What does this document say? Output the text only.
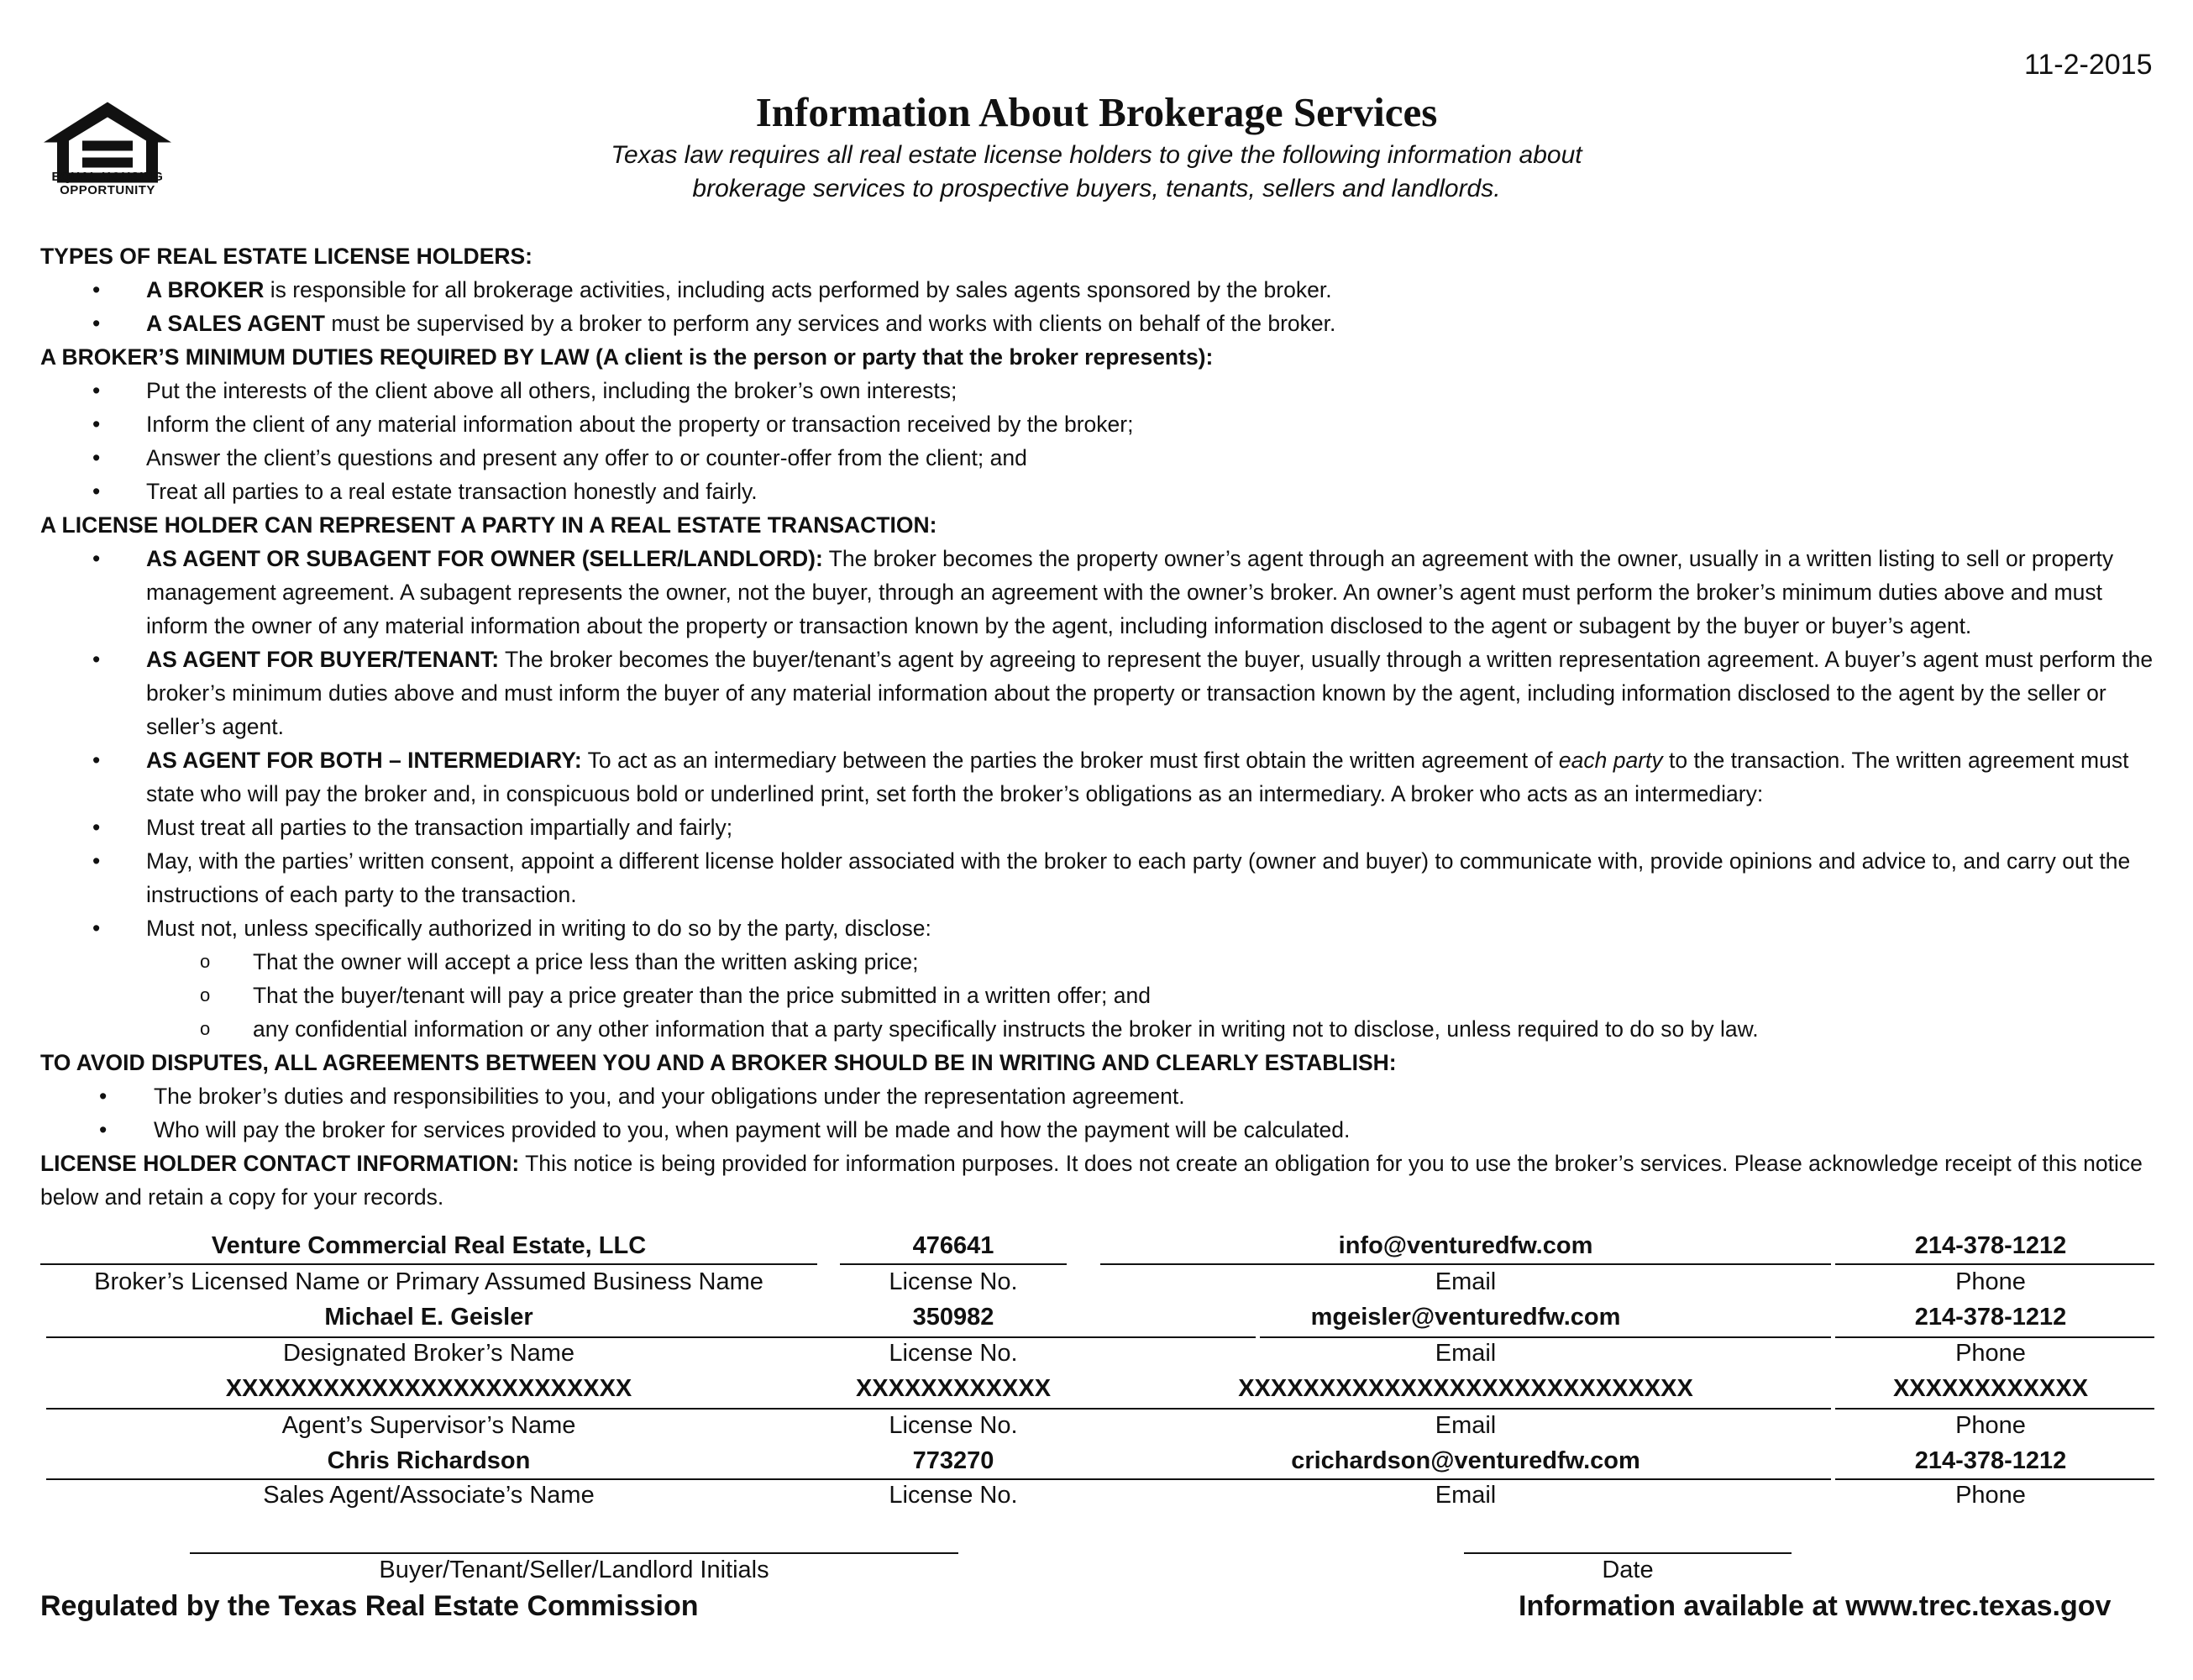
11-2-2015
EQUAL HOUSING
OPPORTUNITY
Information About Brokerage Services
Texas law requires all real estate license holders to give the following information about
brokerage services to prospective buyers, tenants, sellers and landlords.
TYPES OF REAL ESTATE LICENSE HOLDERS:
• A BROKER is responsible for all brokerage activities, including acts performed by sales agents sponsored by the broker.
• A SALES AGENT must be supervised by a broker to perform any services and works with clients on behalf of the broker.
A BROKER’S MINIMUM DUTIES REQUIRED BY LAW (A client is the person or party that the broker represents):
• Put the interests of the client above all others, including the broker’s own interests;
• Inform the client of any material information about the property or transaction received by the broker;
• Answer the client’s questions and present any offer to or counter-offer from the client; and
• Treat all parties to a real estate transaction honestly and fairly.
A LICENSE HOLDER CAN REPRESENT A PARTY IN A REAL ESTATE TRANSACTION:
• AS AGENT OR SUBAGENT FOR OWNER (SELLER/LANDLORD): The broker becomes the property owner’s agent through an agreement with the owner, usually in a written listing to sell or property management agreement. A subagent represents the owner, not the buyer, through an agreement with the owner’s broker. An owner’s agent must perform the broker’s minimum duties above and must inform the owner of any material information about the property or transaction known by the agent, including information disclosed to the agent or subagent by the buyer or buyer’s agent.
• AS AGENT FOR BUYER/TENANT: The broker becomes the buyer/tenant’s agent by agreeing to represent the buyer, usually through a written representation agreement. A buyer’s agent must perform the broker’s minimum duties above and must inform the buyer of any material information about the property or transaction known by the agent, including information disclosed to the agent by the seller or seller’s agent.
• AS AGENT FOR BOTH – INTERMEDIARY: To act as an intermediary between the parties the broker must first obtain the written agreement of each party to the transaction. The written agreement must state who will pay the broker and, in conspicuous bold or underlined print, set forth the broker’s obligations as an intermediary. A broker who acts as an intermediary:
• Must treat all parties to the transaction impartially and fairly;
• May, with the parties’ written consent, appoint a different license holder associated with the broker to each party (owner and buyer) to communicate with, provide opinions and advice to, and carry out the instructions of each party to the transaction.
• Must not, unless specifically authorized in writing to do so by the party, disclose:
o That the owner will accept a price less than the written asking price;
o That the buyer/tenant will pay a price greater than the price submitted in a written offer; and
o any confidential information or any other information that a party specifically instructs the broker in writing not to disclose, unless required to do so by law.
TO AVOID DISPUTES, ALL AGREEMENTS BETWEEN YOU AND A BROKER SHOULD BE IN WRITING AND CLEARLY ESTABLISH:
• The broker’s duties and responsibilities to you, and your obligations under the representation agreement.
• Who will pay the broker for services provided to you, when payment will be made and how the payment will be calculated.
LICENSE HOLDER CONTACT INFORMATION: This notice is being provided for information purposes. It does not create an obligation for you to use the broker’s services. Please acknowledge receipt of this notice below and retain a copy for your records.
Venture Commercial Real Estate, LLC	476641	info@venturedfw.com	214-378-1212
Broker’s Licensed Name or Primary Assumed Business Name	License No.	Email	Phone
Michael E. Geisler	350982	mgeisler@venturedfw.com	214-378-1212
Designated Broker’s Name	License No.	Email	Phone
XXXXXXXXXXXXXXXXXXXXXXXXX	XXXXXXXXXXXX	XXXXXXXXXXXXXXXXXXXXXXXXXXXX	XXXXXXXXXXXX
Agent’s Supervisor’s Name	License No.	Email	Phone
Chris Richardson	773270	crichardson@venturedfw.com	214-378-1212
Sales Agent/Associate’s Name	License No.	Email	Phone
Buyer/Tenant/Seller/Landlord Initials	Date
Regulated by the Texas Real Estate Commission	Information available at www.trec.texas.gov
